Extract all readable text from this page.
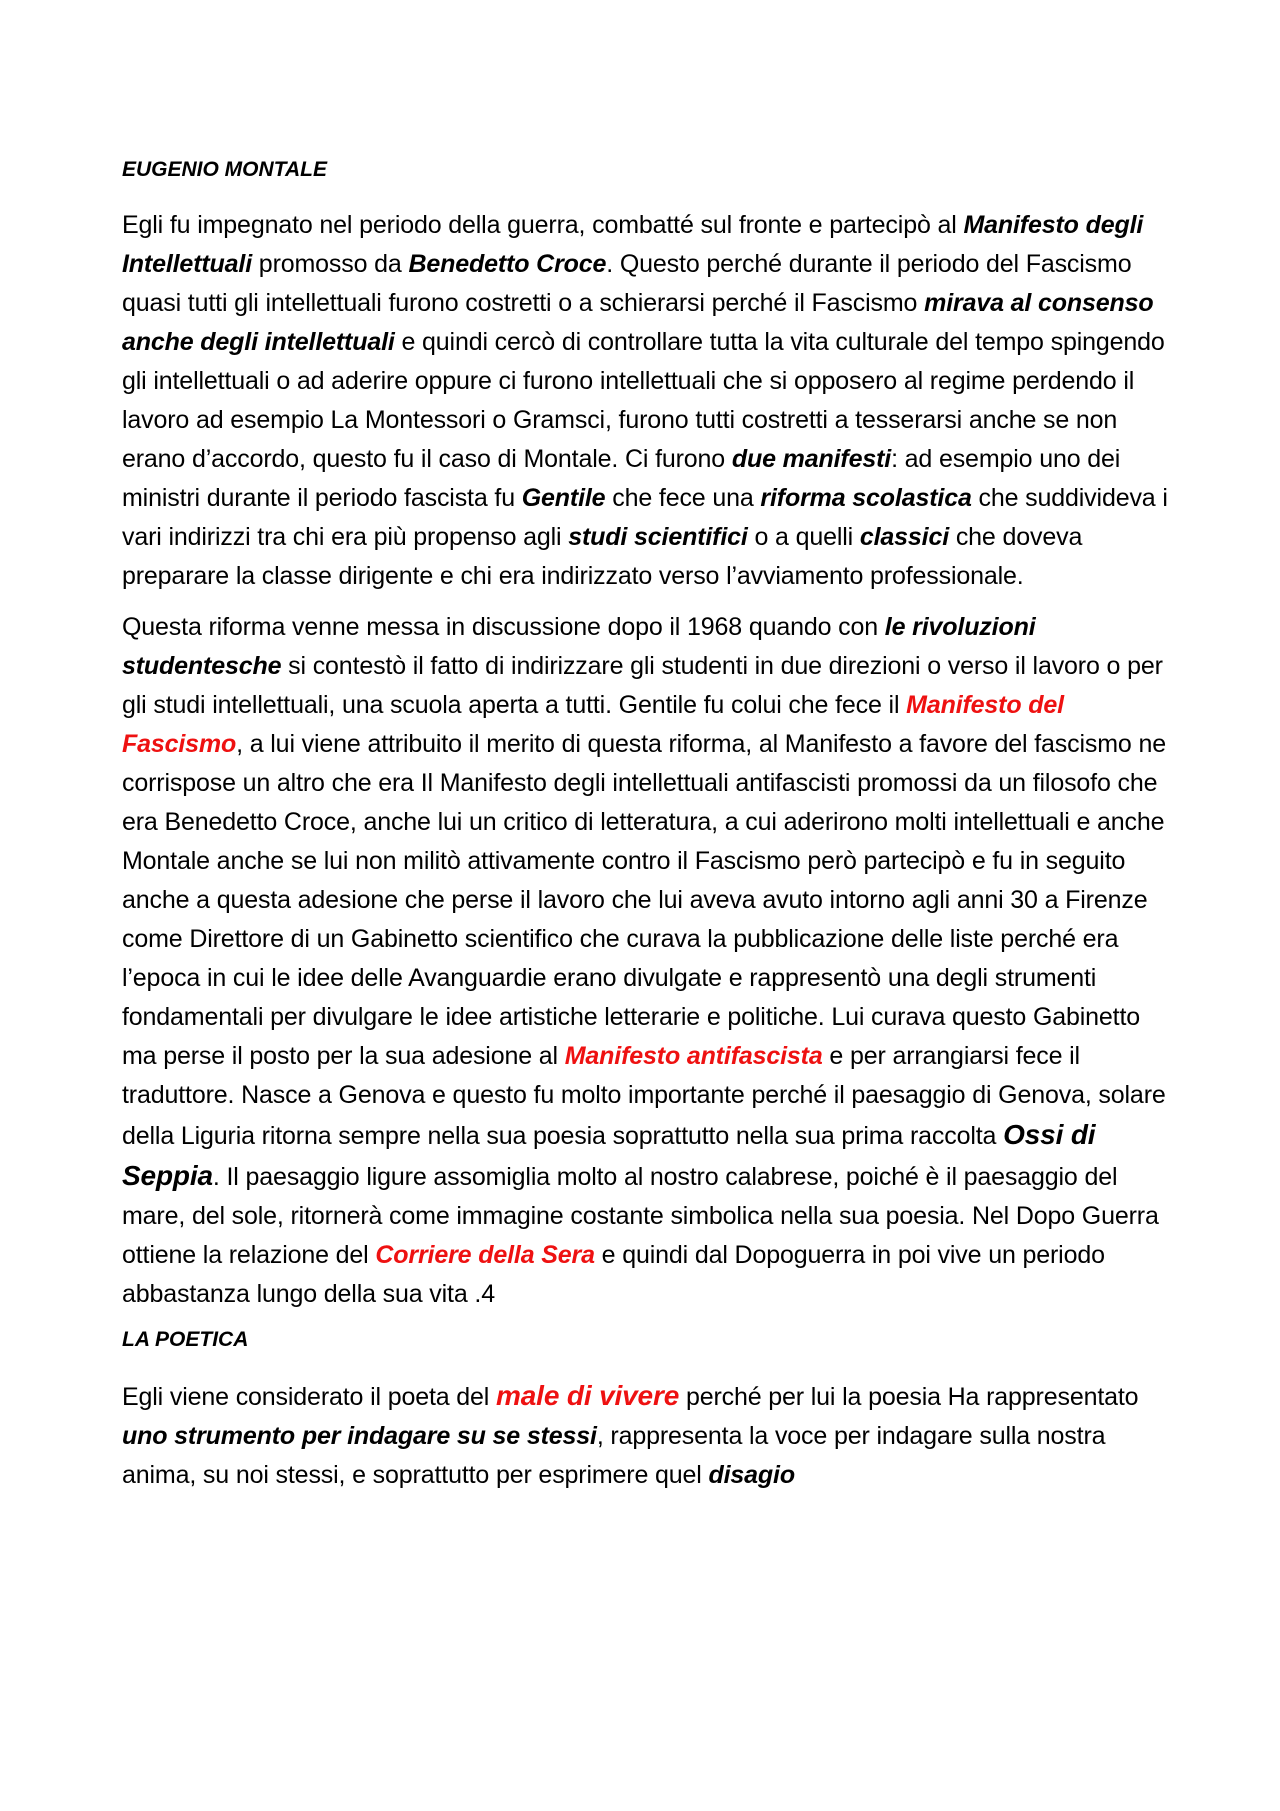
EUGENIO MONTALE

Egli fu impegnato nel periodo della guerra, combatté sul fronte e partecipò al Manifesto degli Intellettuali promosso da Benedetto Croce. Questo perché durante il periodo del Fascismo quasi tutti gli intellettuali furono costretti o a schierarsi perché il Fascismo mirava al consenso anche degli intellettuali e quindi cercò di controllare tutta la vita culturale del tempo spingendo gli intellettuali o ad aderire oppure ci furono intellettuali che si opposero al regime perdendo il lavoro ad esempio La Montessori o Gramsci, furono tutti costretti a tesserarsi anche se non erano d’accordo, questo fu il caso di Montale. Ci furono due manifesti: ad esempio uno dei ministri durante il periodo fascista fu Gentile che fece una riforma scolastica che suddivideva i vari indirizzi tra chi era più propenso agli studi scientifici o a quelli classici che doveva preparare la classe dirigente e chi era indirizzato verso l’avviamento professionale.

Questa riforma venne messa in discussione dopo il 1968 quando con le rivoluzioni studentesche si contestò il fatto di indirizzare gli studenti in due direzioni o verso il lavoro o per gli studi intellettuali, una scuola aperta a tutti. Gentile fu colui che fece il Manifesto del Fascismo, a lui viene attribuito il merito di questa riforma, al Manifesto a favore del fascismo ne corrispose un altro che era Il Manifesto degli intellettuali antifascisti promossi da un filosofo che era Benedetto Croce, anche lui un critico di letteratura, a cui aderirono molti intellettuali e anche Montale anche se lui non militò attivamente contro il Fascismo però partecipò e fu in seguito anche a questa adesione che perse il lavoro che lui aveva avuto intorno agli anni 30 a Firenze come Direttore di un Gabinetto scientifico che curava la pubblicazione delle liste perché era l’epoca in cui le idee delle Avanguardie erano divulgate e rappresentò una degli strumenti fondamentali per divulgare le idee artistiche letterarie e politiche. Lui curava questo Gabinetto ma perse il posto per la sua adesione al Manifesto antifascista e per arrangiarsi fece il traduttore. Nasce a Genova e questo fu molto importante perché il paesaggio di Genova, solare della Liguria ritorna sempre nella sua poesia soprattutto nella sua prima raccolta Ossi di Seppia. Il paesaggio ligure assomiglia molto al nostro calabrese, poiché è il paesaggio del mare, del sole, ritornerà come immagine costante simbolica nella sua poesia. Nel Dopo Guerra ottiene la relazione del Corriere della Sera e quindi dal Dopoguerra in poi vive un periodo abbastanza lungo della sua vita .4

LA POETICA

Egli viene considerato il poeta del male di vivere perché per lui la poesia Ha rappresentato uno strumento per indagare su se stessi, rappresenta la voce per indagare sulla nostra anima, su noi stessi, e soprattutto per esprimere quel disagio
